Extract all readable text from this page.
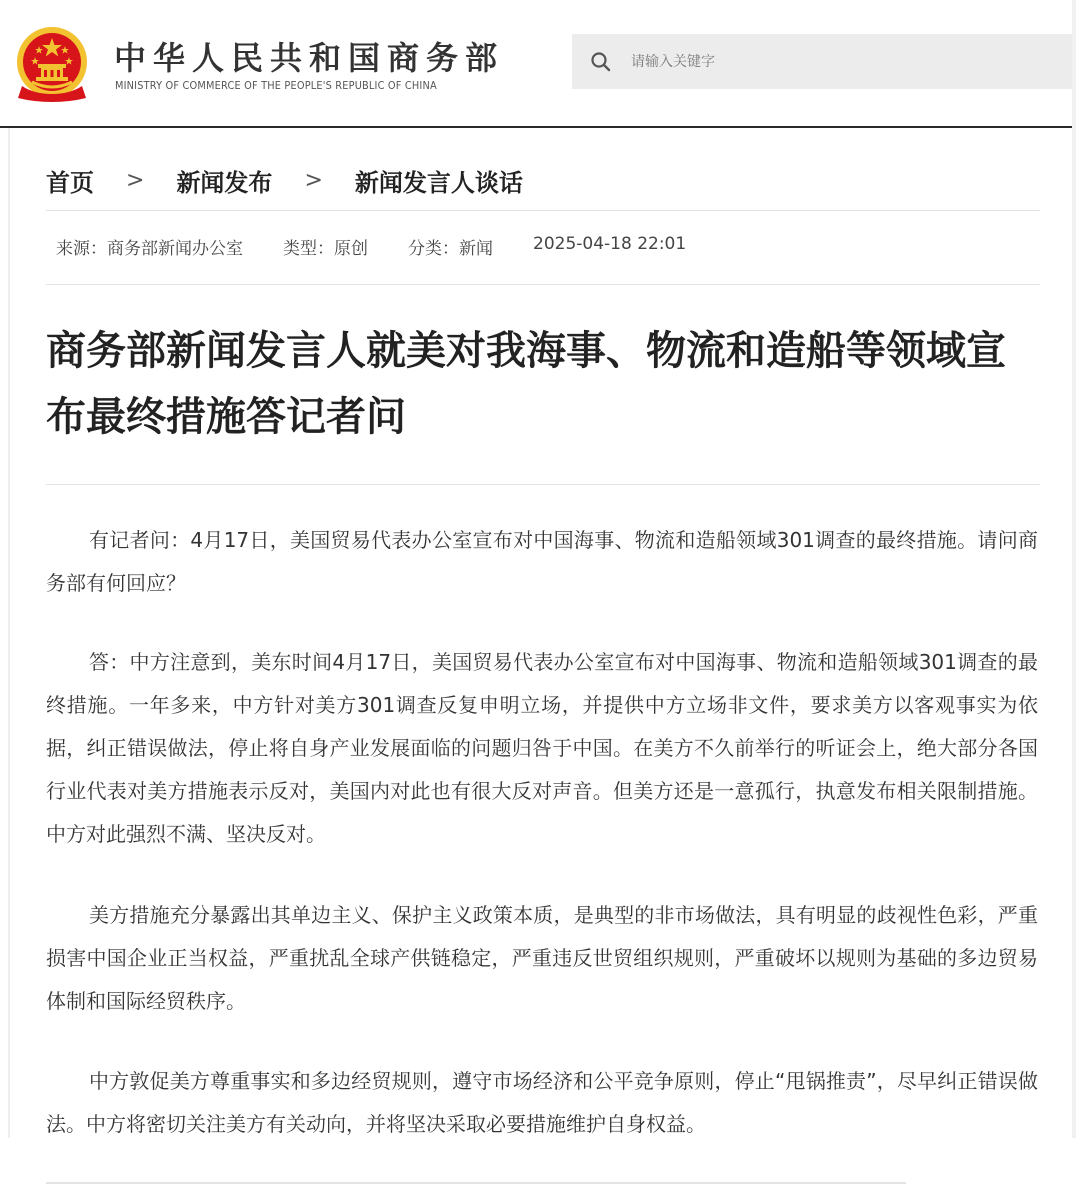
中华人民共和国商务部
MINISTRY OF COMMERCE OF THE PEOPLE'S REPUBLIC OF CHINA
请输入关键字
首页 > 新闻发布 > 新闻发言人谈话
来源：商务部新闻办公室 类型：原创 分类：新闻 2025-04-18 22:01
商务部新闻发言人就美对我海事、物流和造船等领域宣布最终措施答记者问

有记者问：4月17日，美国贸易代表办公室宣布对中国海事、物流和造船领域301调查的最终措施。请问商务部有何回应？

答：中方注意到，美东时间4月17日，美国贸易代表办公室宣布对中国海事、物流和造船领域301调查的最终措施。一年多来，中方针对美方301调查反复申明立场，并提供中方立场非文件，要求美方以客观事实为依据，纠正错误做法，停止将自身产业发展面临的问题归咎于中国。在美方不久前举行的听证会上，绝大部分各国行业代表对美方措施表示反对，美国内对此也有很大反对声音。但美方还是一意孤行，执意发布相关限制措施。中方对此强烈不满、坚决反对。

美方措施充分暴露出其单边主义、保护主义政策本质，是典型的非市场做法，具有明显的歧视性色彩，严重损害中国企业正当权益，严重扰乱全球产供链稳定，严重违反世贸组织规则，严重破坏以规则为基础的多边贸易体制和国际经贸秩序。

中方敦促美方尊重事实和多边经贸规则，遵守市场经济和公平竞争原则，停止“甩锅推责”，尽早纠正错误做法。中方将密切关注美方有关动向，并将坚决采取必要措施维护自身权益。
